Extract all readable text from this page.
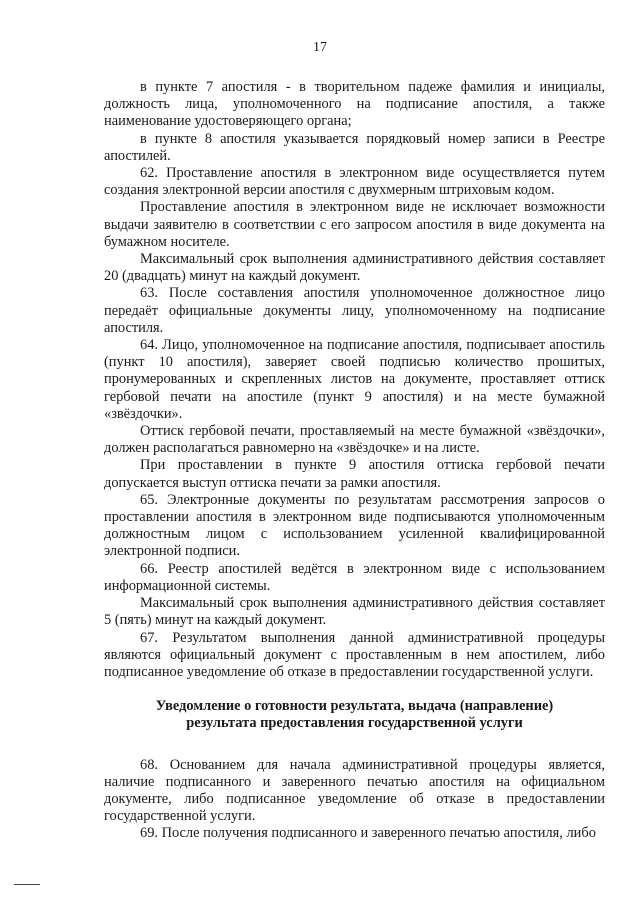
17

в пункте 7 апостиля - в творительном падеже фамилия и инициалы, должность лица, уполномоченного на подписание апостиля, а также наименование удостоверяющего органа;

в пункте 8 апостиля указывается порядковый номер записи в Реестре апостилей.

62. Проставление апостиля в электронном виде осуществляется путем создания электронной версии апостиля с двухмерным штриховым кодом.

Проставление апостиля в электронном виде не исключает возможности выдачи заявителю в соответствии с его запросом апостиля в виде документа на бумажном носителе.

Максимальный срок выполнения административного действия составляет 20 (двадцать) минут на каждый документ.

63. После составления апостиля уполномоченное должностное лицо передаёт официальные документы лицу, уполномоченному на подписание апостиля.

64. Лицо, уполномоченное на подписание апостиля, подписывает апостиль (пункт 10 апостиля), заверяет своей подписью количество прошитых, пронумерованных и скрепленных листов на документе, проставляет оттиск гербовой печати на апостиле (пункт 9 апостиля) и на месте бумажной «звёздочки».

Оттиск гербовой печати, проставляемый на месте бумажной «звёздочки», должен располагаться равномерно на «звёздочке» и на листе.

При проставлении в пункте 9 апостиля оттиска гербовой печати допускается выступ оттиска печати за рамки апостиля.

65. Электронные документы по результатам рассмотрения запросов о проставлении апостиля в электронном виде подписываются уполномоченным должностным лицом с использованием усиленной квалифицированной электронной подписи.

66. Реестр апостилей ведётся в электронном виде с использованием информационной системы.

Максимальный срок выполнения административного действия составляет 5 (пять) минут на каждый документ.

67. Результатом выполнения данной административной процедуры являются официальный документ с проставленным в нем апостилем, либо подписанное уведомление об отказе в предоставлении государственной услуги.

Уведомление о готовности результата, выдача (направление)
результата предоставления государственной услуги

68. Основанием для начала административной процедуры является, наличие подписанного и заверенного печатью апостиля на официальном документе, либо подписанное уведомление об отказе в предоставлении государственной услуги.

69. После получения подписанного и заверенного печатью апостиля, либо
